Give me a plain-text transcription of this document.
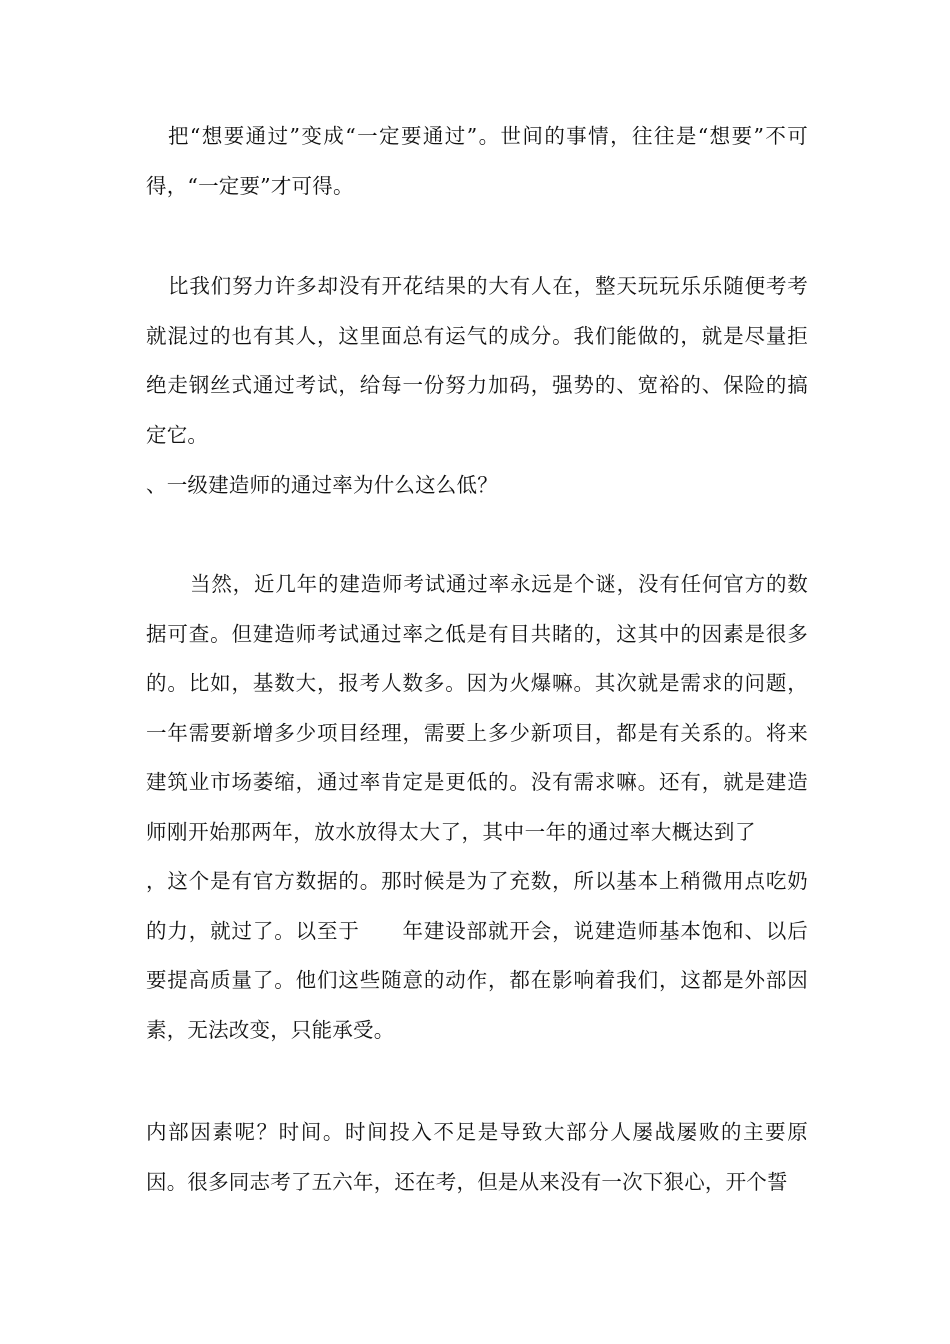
把“想要通过”变成“一定要通过”。世间的事情，往往是“想要”不可得，“一定要”才可得。

比我们努力许多却没有开花结果的大有人在，整天玩玩乐乐随便考考就混过的也有其人，这里面总有运气的成分。我们能做的，就是尽量拒绝走钢丝式通过考试，给每一份努力加码，强势的、宽裕的、保险的搞定它。

、一级建造师的通过率为什么这么低？

当然，近几年的建造师考试通过率永远是个谜，没有任何官方的数据可查。但建造师考试通过率之低是有目共睹的，这其中的因素是很多的。比如，基数大，报考人数多。因为火爆嘛。其次就是需求的问题，一年需要新增多少项目经理，需要上多少新项目，都是有关系的。将来建筑业市场萎缩，通过率肯定是更低的。没有需求嘛。还有，就是建造师刚开始那两年，放水放得太大了，其中一年的通过率大概达到了，这个是有官方数据的。那时候是为了充数，所以基本上稍微用点吃奶的力，就过了。以至于 年建设部就开会，说建造师基本饱和、以后要提高质量了。他们这些随意的动作，都在影响着我们，这都是外部因素，无法改变，只能承受。

内部因素呢？时间。时间投入不足是导致大部分人屡战屡败的主要原因。很多同志考了五六年，还在考，但是从来没有一次下狠心，开个誓
